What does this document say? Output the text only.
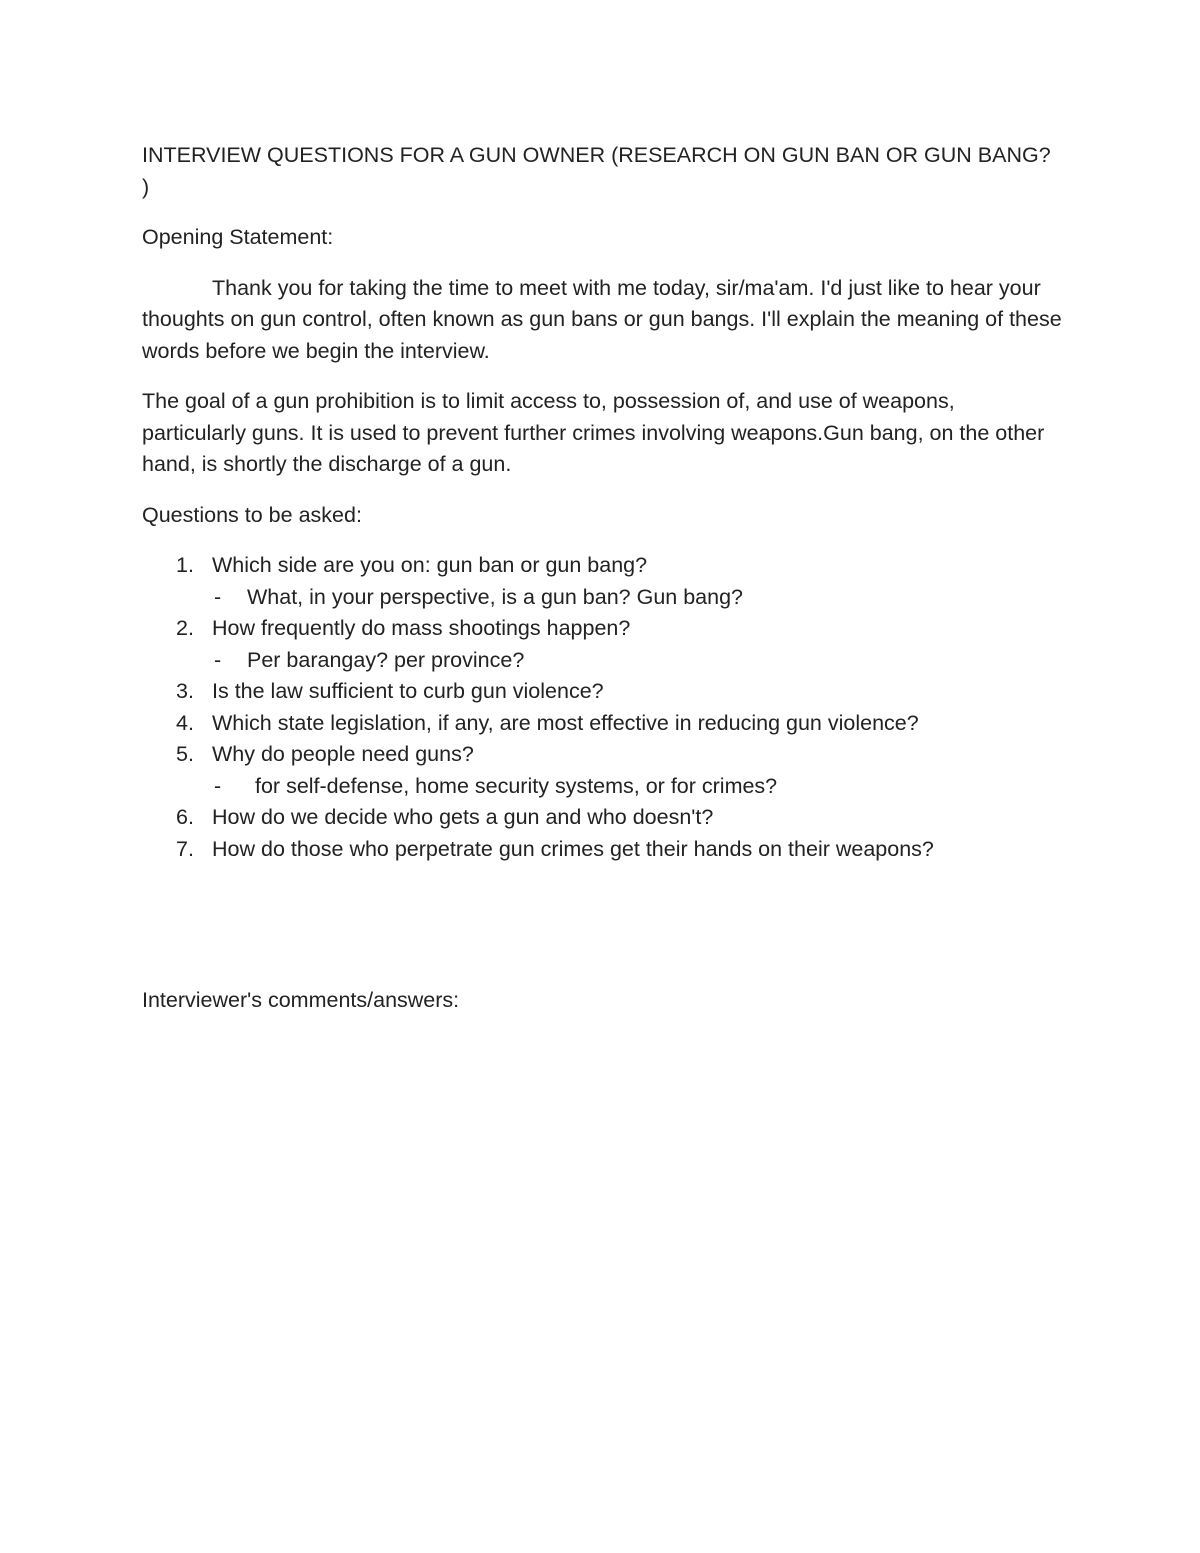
INTERVIEW QUESTIONS FOR A GUN OWNER (RESEARCH ON GUN BAN OR GUN BANG? )

Opening Statement:

Thank you for taking the time to meet with me today, sir/ma'am. I'd just like to hear your thoughts on gun control, often known as gun bans or gun bangs. I'll explain the meaning of these words before we begin the interview.

The goal of a gun prohibition is to limit access to, possession of, and use of weapons, particularly guns. It is used to prevent further crimes involving weapons.Gun bang, on the other hand, is shortly the discharge of a gun.

Questions to be asked:

1. Which side are you on: gun ban or gun bang?
- What, in your perspective, is a gun ban? Gun bang?
2. How frequently do mass shootings happen?
- Per barangay? per province?
3. Is the law sufficient to curb gun violence?
4. Which state legislation, if any, are most effective in reducing gun violence?
5. Why do people need guns?
- for self-defense, home security systems, or for crimes?
6. How do we decide who gets a gun and who doesn't?
7. How do those who perpetrate gun crimes get their hands on their weapons?

Interviewer's comments/answers:
